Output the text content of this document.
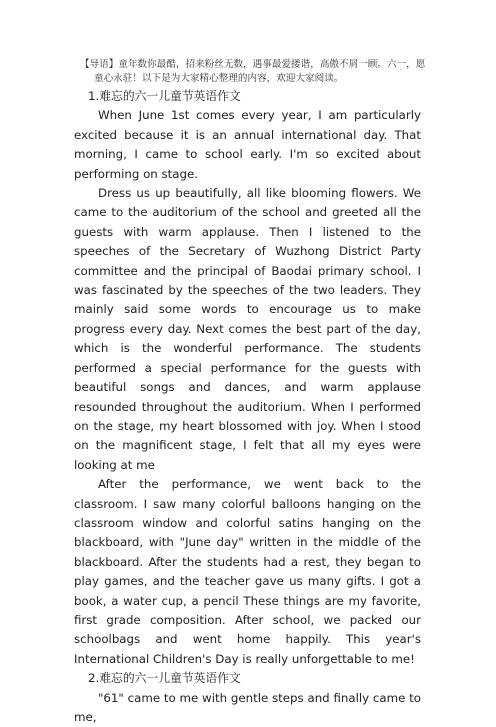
【导语】童年数你最酷，招来粉丝无数，遇事最爱搂谐，高傲不屑一顾。六一，愿童心永驻！以下是为大家精心整理的内容，欢迎大家阅读。
1.难忘的六一儿童节英语作文

When June 1st comes every year, I am particularly excited because it is an annual international day. That morning, I came to school early. I'm so excited about performing on stage.

Dress us up beautifully, all like blooming flowers. We came to the auditorium of the school and greeted all the guests with warm applause. Then I listened to the speeches of the Secretary of Wuzhong District Party committee and the principal of Baodai primary school. I was fascinated by the speeches of the two leaders. They mainly said some words to encourage us to make progress every day. Next comes the best part of the day, which is the wonderful performance. The students performed a special performance for the guests with beautiful songs and dances, and warm applause resounded throughout the auditorium. When I performed on the stage, my heart blossomed with joy. When I stood on the magnificent stage, I felt that all my eyes were looking at me

After the performance, we went back to the classroom. I saw many colorful balloons hanging on the classroom window and colorful satins hanging on the blackboard, with "June day" written in the middle of the blackboard. After the students had a rest, they began to play games, and the teacher gave us many gifts. I got a book, a water cup, a pencil These things are my favorite, first grade composition. After school, we packed our schoolbags and went home happily. This year's International Children's Day is really unforgettable to me!

2.难忘的六一儿童节英语作文

"61" came to me with gentle steps and finally came to me,
